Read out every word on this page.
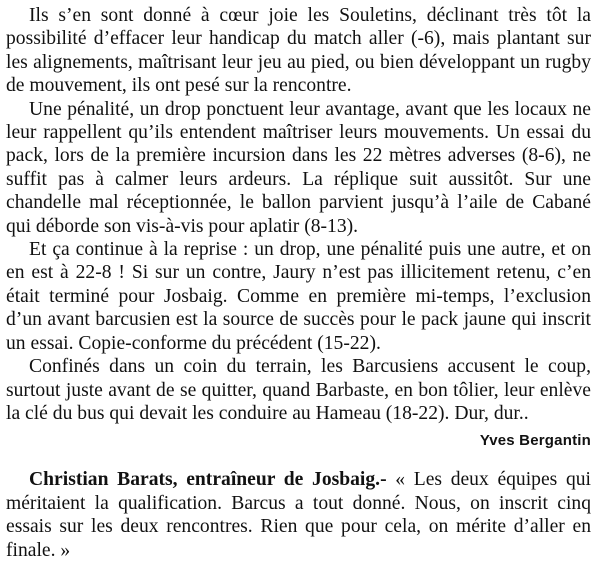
Ils s’en sont donné à cœur joie les Souletins, déclinant très tôt la possibilité d’effacer leur handicap du match aller (-6), mais plantant sur les alignements, maîtrisant leur jeu au pied, ou bien développant un rugby de mouvement, ils ont pesé sur la rencontre.

Une pénalité, un drop ponctuent leur avantage, avant que les locaux ne leur rappellent qu’ils entendent maîtriser leurs mouvements. Un essai du pack, lors de la première incursion dans les 22 mètres adverses (8-6), ne suffit pas à calmer leurs ardeurs. La réplique suit aussitôt. Sur une chandelle mal réceptionnée, le ballon parvient jusqu’à l’aile de Cabané qui déborde son vis-à-vis pour aplatir (8-13).

Et ça continue à la reprise : un drop, une pénalité puis une autre, et on en est à 22-8 ! Si sur un contre, Jaury n’est pas illicitement retenu, c’en était terminé pour Josbaig. Comme en première mi-temps, l’exclusion d’un avant barcusien est la source de succès pour le pack jaune qui inscrit un essai. Copie-conforme du précédent (15-22).

Confinés dans un coin du terrain, les Barcusiens accusent le coup, surtout juste avant de se quitter, quand Barbaste, en bon tôlier, leur enlève la clé du bus qui devait les conduire au Hameau (18-22). Dur, dur..

Yves Bergantin

Christian Barats, entraîneur de Josbaig.- « Les deux équipes qui méritaient la qualification. Barcus a tout donné. Nous, on inscrit cinq essais sur les deux rencontres. Rien que pour cela, on mérite d’aller en finale. »
